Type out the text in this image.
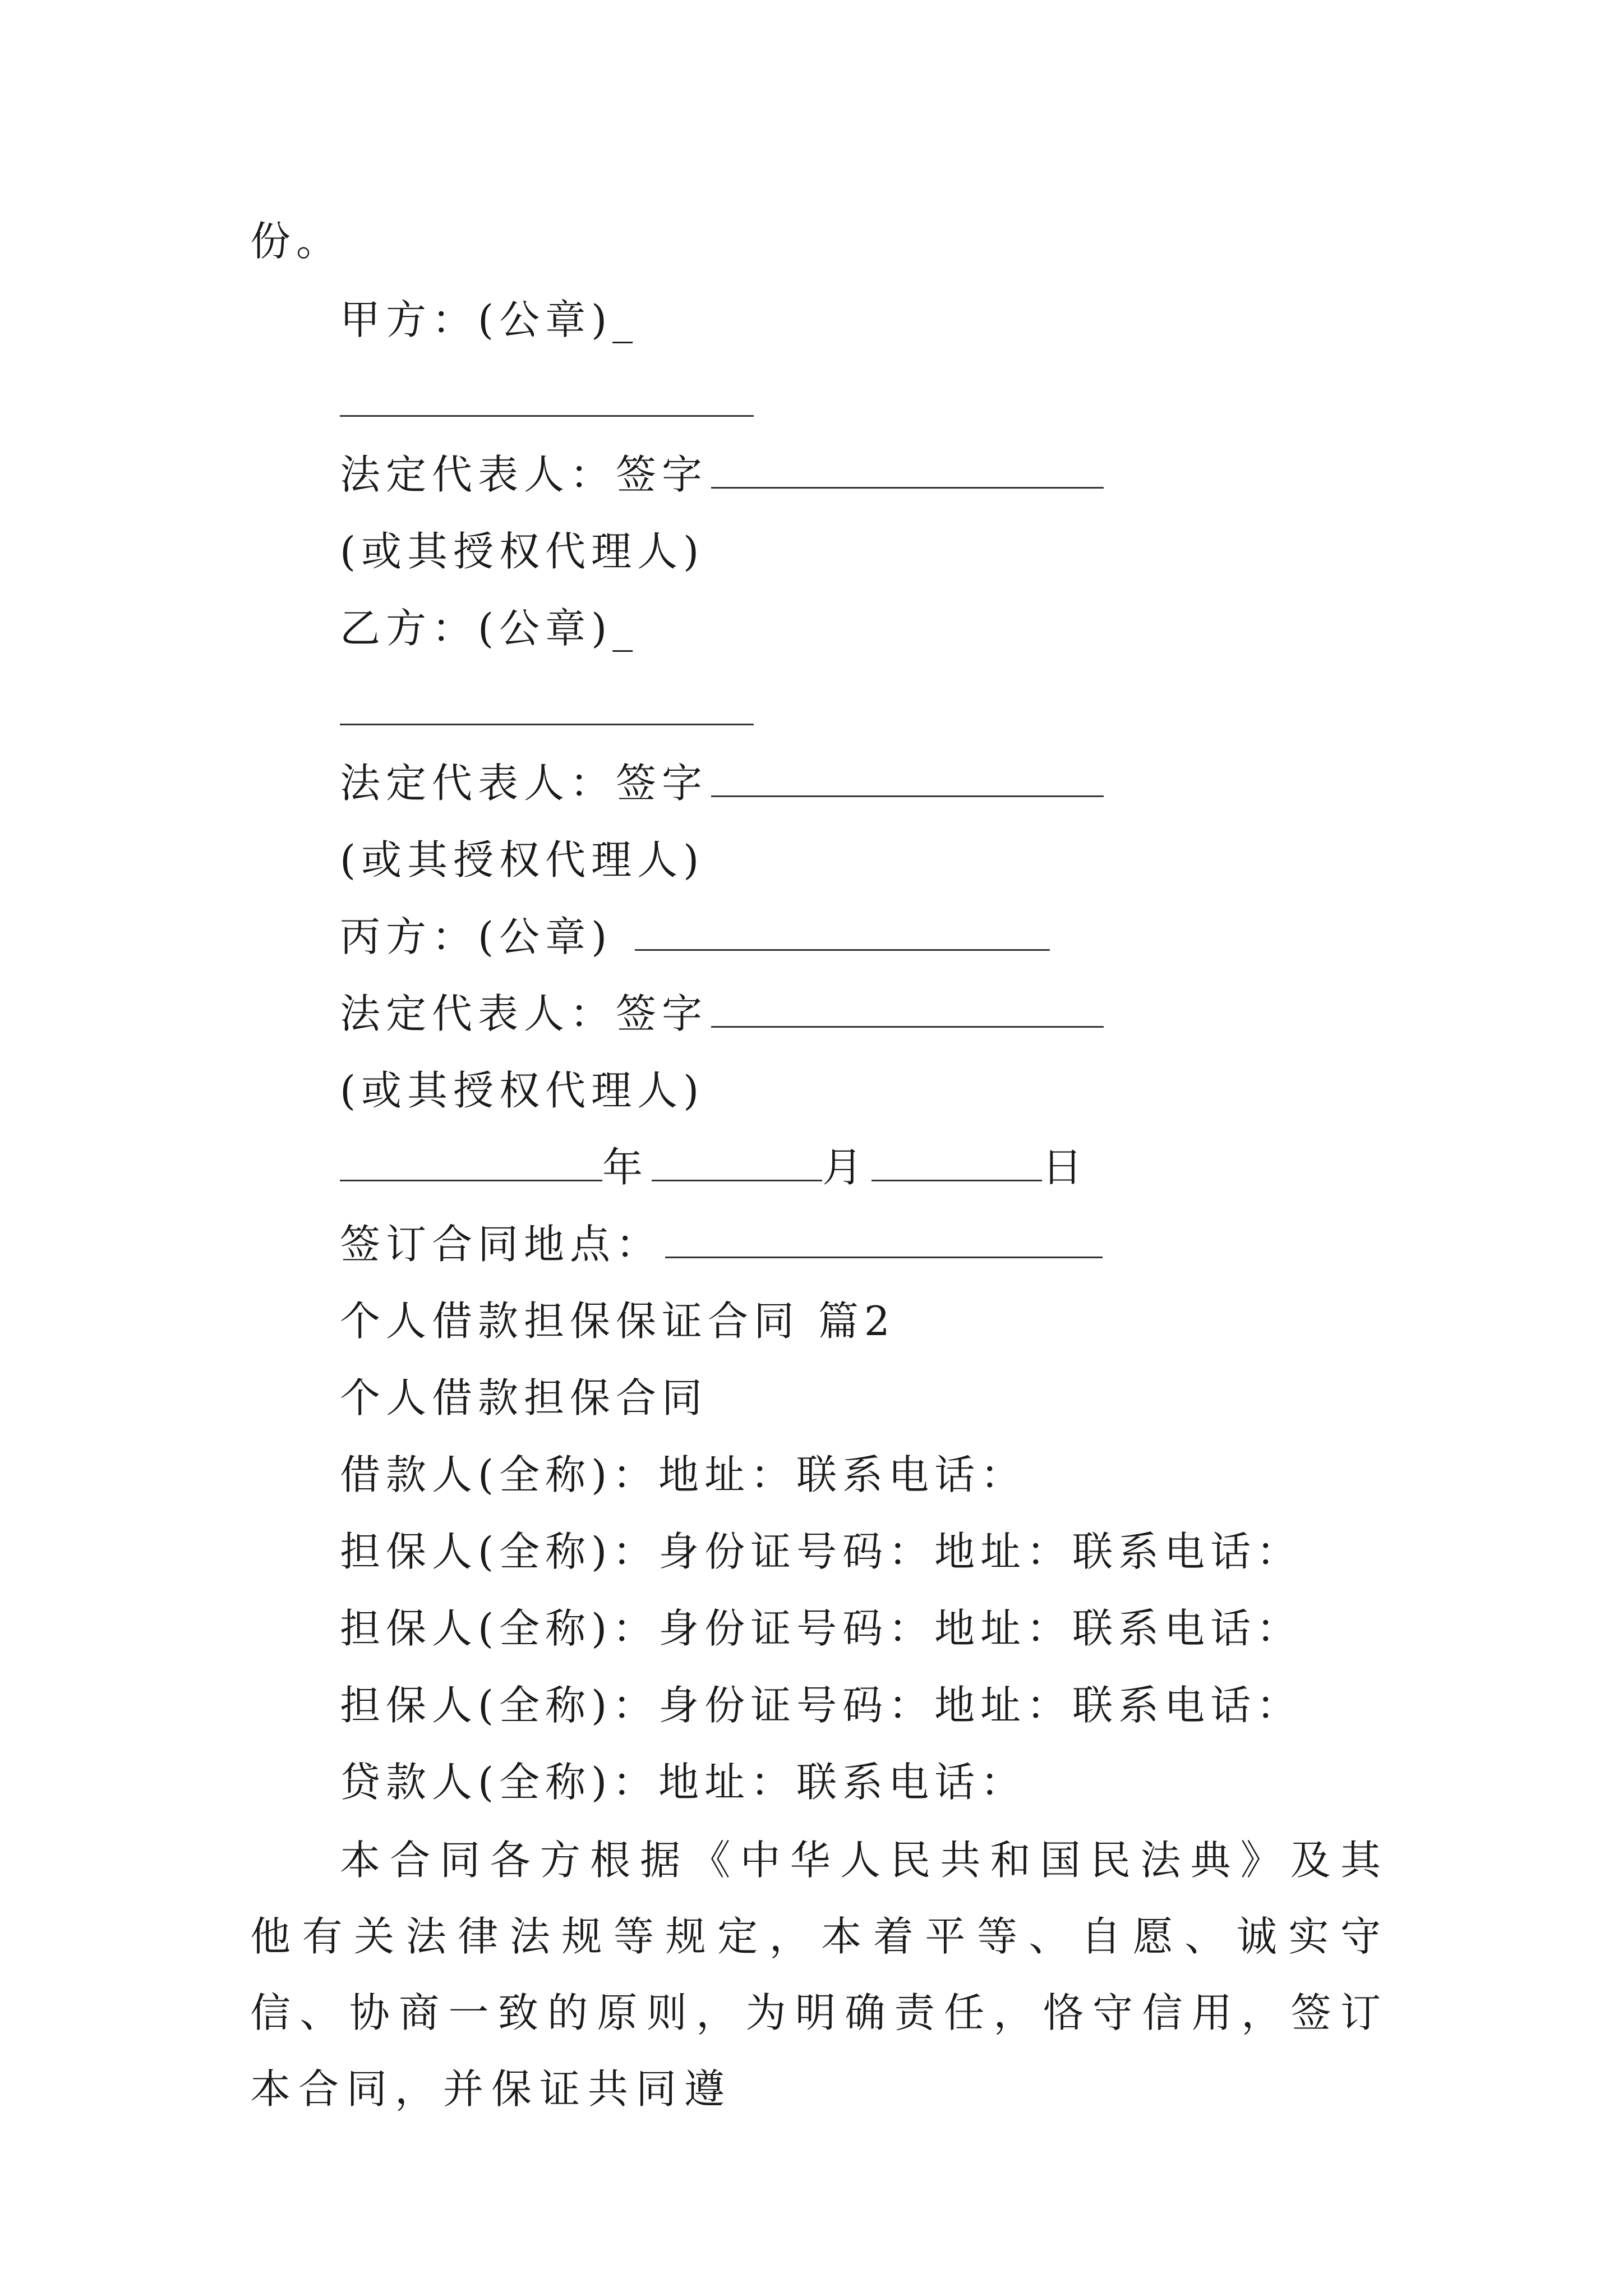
份。
甲方：(公章)_
法定代表人：签字
(或其授权代理人)
乙方：(公章)_
法定代表人：签字
(或其授权代理人)
丙方：(公章)
法定代表人：签字
(或其授权代理人)
年	月	日
签订合同地点：
个人借款担保保证合同 篇2
个人借款担保合同
借款人(全称)：地址：联系电话：
担保人(全称)：身份证号码：地址：联系电话：
担保人(全称)：身份证号码：地址：联系电话：
担保人(全称)：身份证号码：地址：联系电话：
贷款人(全称)：地址：联系电话：
本合同各方根据《中华人民共和国民法典》及其他有关法律法规等规定，本着平等、自愿、诚实守信、协商一致的原则，为明确责任，恪守信用，签订本合同，并保证共同遵
